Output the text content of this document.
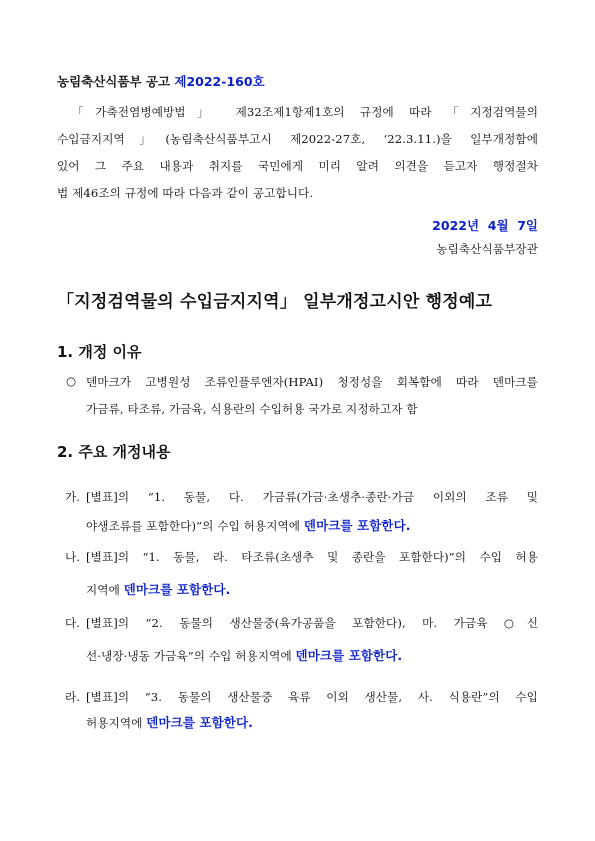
농림축산식품부 공고 제2022-160호
「가축전염병예방법」 제32조제1항제1호의 규정에 따라 「지정검역물의
수입금지지역」(농림축산식품부고시 제2022-27호, ‘22.3.11.)을 일부개정함에
있어 그 주요 내용과 취지를 국민에게 미리 알려 의견을 듣고자 행정절차
법 제46조의 규정에 따라 다음과 같이 공고합니다.
2022년  4월  7일
농림축산식품부장관
「지정검역물의 수입금지지역」 일부개정고시안 행정예고
1. 개정 이유
○ 덴마크가 고병원성 조류인플루엔자(HPAI) 청정성을 회복함에 따라 덴마크를
가금류, 타조류, 가금육, 식용란의 수입허용 국가로 지정하고자 함
2. 주요 개정내용
가. [별표]의 “1. 동물, 다. 가금류(가금·초생추·종란·가금 이외의 조류 및
야생조류를 포함한다)”의 수입 허용지역에 덴마크를 포함한다.
나. [별표]의 “1. 동물, 라. 타조류(초생추 및 종란을 포함한다)”의 수입 허용
지역에 덴마크를 포함한다.
다. [별표]의 “2. 동물의 생산물중(육가공품을 포함한다), 마. 가금육 ○신
선·냉장·냉동 가금육”의 수입 허용지역에 덴마크를 포함한다.
라. [별표]의 “3. 동물의 생산물중 육류 이외 생산물, 사. 식용란”의 수입
허용지역에 덴마크를 포함한다.
